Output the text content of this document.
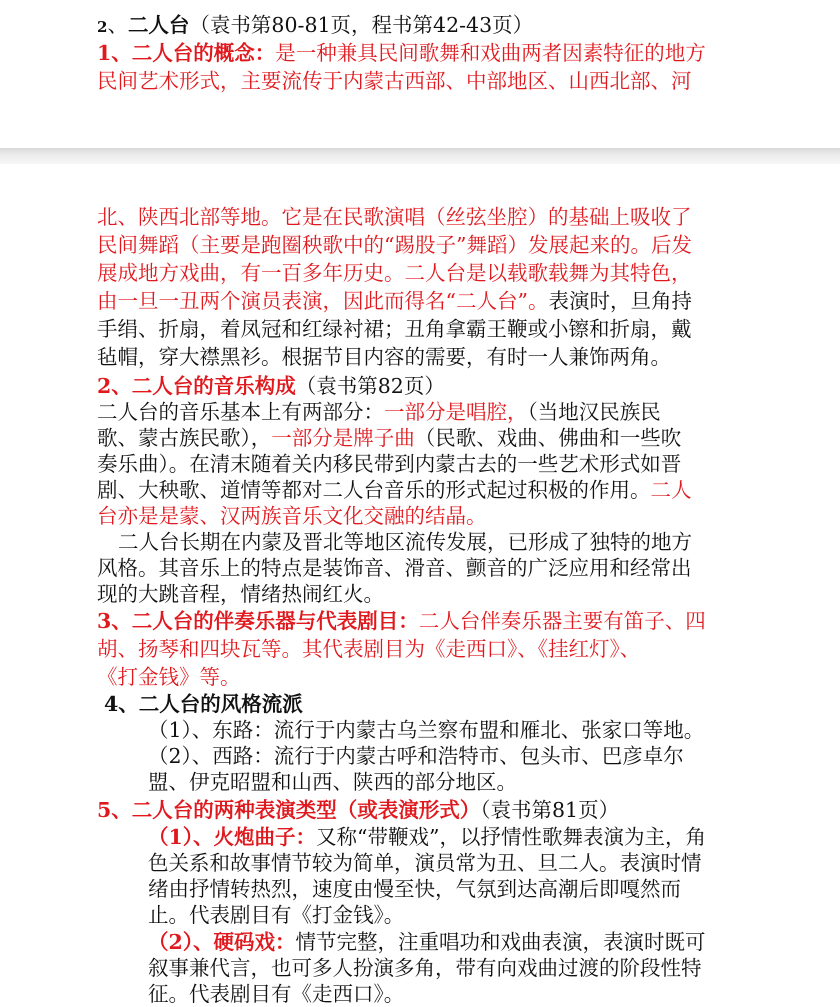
2、二人台（袁书第80-81页，程书第42-43页）
1、二人台的概念：是一种兼具民间歌舞和戏曲两者因素特征的地方
民间艺术形式，主要流传于内蒙古西部、中部地区、山西北部、河
北、陕西北部等地。它是在民歌演唱（丝弦坐腔）的基础上吸收了
民间舞蹈（主要是跑圈秧歌中的“踢股子”舞蹈）发展起来的。后发
展成地方戏曲，有一百多年历史。二人台是以载歌载舞为其特色，
由一旦一丑两个演员表演，因此而得名“二人台”。表演时，旦角持
手绢、折扇，着凤冠和红绿衬裙；丑角拿霸王鞭或小镲和折扇，戴
毡帽，穿大襟黑衫。根据节目内容的需要，有时一人兼饰两角。
2、二人台的音乐构成（袁书第82页）
二人台的音乐基本上有两部分：一部分是唱腔，（当地汉民族民
歌、蒙古族民歌），一部分是牌子曲（民歌、戏曲、佛曲和一些吹
奏乐曲）。在清末随着关内移民带到内蒙古去的一些艺术形式如晋
剧、大秧歌、道情等都对二人台音乐的形式起过积极的作用。二人
台亦是是蒙、汉两族音乐文化交融的结晶。
二人台长期在内蒙及晋北等地区流传发展，已形成了独特的地方
风格。其音乐上的特点是装饰音、滑音、颤音的广泛应用和经常出
现的大跳音程，情绪热闹红火。
3、二人台的伴奏乐器与代表剧目：二人台伴奏乐器主要有笛子、四
胡、扬琴和四块瓦等。其代表剧目为《走西口》、《挂红灯》、
《打金钱》等。
4、二人台的风格流派
（1）、东路：流行于内蒙古乌兰察布盟和雁北、张家口等地。
（2）、西路：流行于内蒙古呼和浩特市、包头市、巴彦卓尔
盟、伊克昭盟和山西、陕西的部分地区。
5、二人台的两种表演类型（或表演形式）（袁书第81页）
（1）、火炮曲子：又称“带鞭戏”，以抒情性歌舞表演为主，角
色关系和故事情节较为简单，演员常为丑、旦二人。表演时情
绪由抒情转热烈，速度由慢至快，气氛到达高潮后即嘎然而
止。代表剧目有《打金钱》。
（2）、硬码戏：情节完整，注重唱功和戏曲表演，表演时既可
叙事兼代言，也可多人扮演多角，带有向戏曲过渡的阶段性特
征。代表剧目有《走西口》。
